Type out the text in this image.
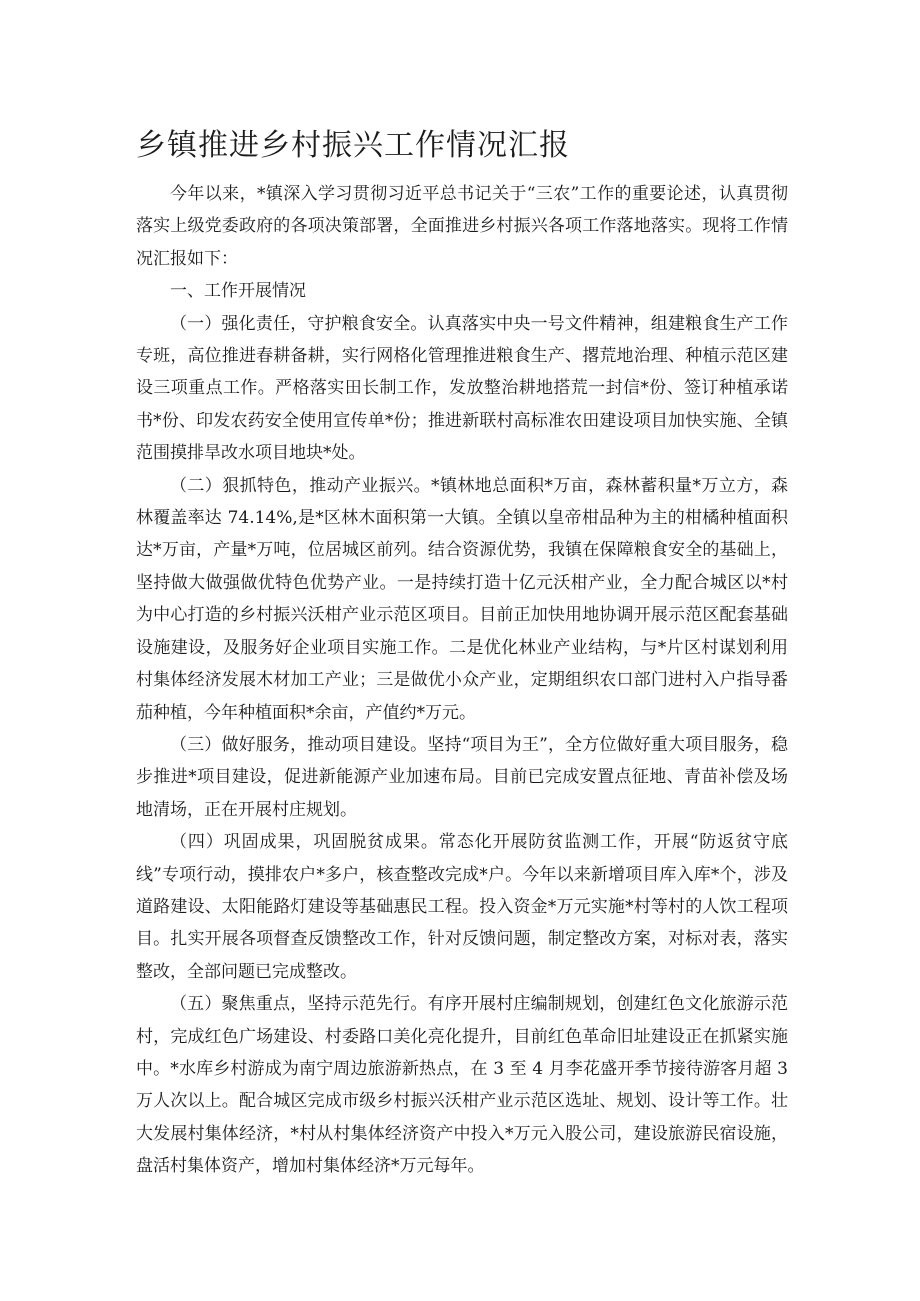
乡镇推进乡村振兴工作情况汇报

今年以来，*镇深入学习贯彻习近平总书记关于“三农”工作的重要论述，认真贯彻落实上级党委政府的各项决策部署，全面推进乡村振兴各项工作落地落实。现将工作情况汇报如下：

一、工作开展情况

（一）强化责任，守护粮食安全。认真落实中央一号文件精神，组建粮食生产工作专班，高位推进春耕备耕，实行网格化管理推进粮食生产、撂荒地治理、种植示范区建设三项重点工作。严格落实田长制工作，发放整治耕地搭荒一封信*份、签订种植承诺书*份、印发农药安全使用宣传单*份；推进新联村高标准农田建设项目加快实施、全镇范围摸排旱改水项目地块*处。

（二）狠抓特色，推动产业振兴。*镇林地总面积*万亩，森林蓄积量*万立方，森林覆盖率达 74.14%,是*区林木面积第一大镇。全镇以皇帝柑品种为主的柑橘种植面积达*万亩，产量*万吨，位居城区前列。结合资源优势，我镇在保障粮食安全的基础上，坚持做大做强做优特色优势产业。一是持续打造十亿元沃柑产业，全力配合城区以*村为中心打造的乡村振兴沃柑产业示范区项目。目前正加快用地协调开展示范区配套基础设施建设，及服务好企业项目实施工作。二是优化林业产业结构，与*片区村谋划利用村集体经济发展木材加工产业；三是做优小众产业，定期组织农口部门进村入户指导番茄种植，今年种植面积*余亩，产值约*万元。

（三）做好服务，推动项目建设。坚持“项目为王”，全方位做好重大项目服务，稳步推进*项目建设，促进新能源产业加速布局。目前已完成安置点征地、青苗补偿及场地清场，正在开展村庄规划。

（四）巩固成果，巩固脱贫成果。常态化开展防贫监测工作，开展“防返贫守底线”专项行动，摸排农户*多户，核查整改完成*户。今年以来新增项目库入库*个，涉及道路建设、太阳能路灯建设等基础惠民工程。投入资金*万元实施*村等村的人饮工程项目。扎实开展各项督查反馈整改工作，针对反馈问题，制定整改方案，对标对表，落实整改，全部问题已完成整改。

（五）聚焦重点，坚持示范先行。有序开展村庄编制规划，创建红色文化旅游示范村，完成红色广场建设、村委路口美化亮化提升，目前红色革命旧址建设正在抓紧实施中。*水库乡村游成为南宁周边旅游新热点，在 3 至 4 月李花盛开季节接待游客月超 3 万人次以上。配合城区完成市级乡村振兴沃柑产业示范区选址、规划、设计等工作。壮大发展村集体经济，*村从村集体经济资产中投入*万元入股公司，建设旅游民宿设施，盘活村集体资产，增加村集体经济*万元每年。
